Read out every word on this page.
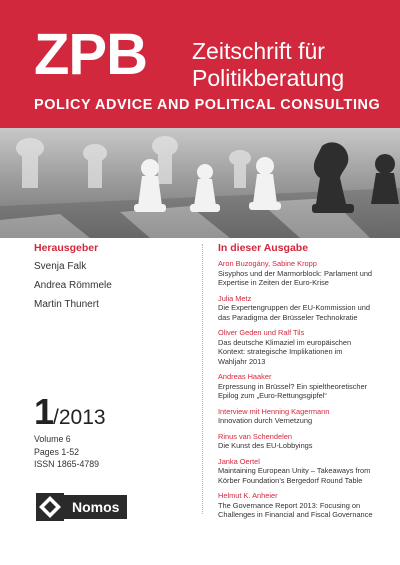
ZPB Zeitschrift für
Politikberatung
POLICY ADVICE AND POLITICAL CONSULTING
Herausgeber
Svenja Falk
Andrea Römmele
Martin Thunert
1/2013
Volume 6
Pages 1-52
ISSN 1865-4789
Nomos
In dieser Ausgabe
Aron Buzogány, Sabine Kropp
Sisyphos und der Marmorblock: Parlament und
Expertise in Zeiten der Euro-Krise
Julia Metz
Die Expertengruppen der EU-Kommission und
das Paradigma der Brüsseler Technokratie
Oliver Geden und Ralf Tils
Das deutsche Klimaziel im europäischen
Kontext: strategische Implikationen im
Wahljahr 2013
Andreas Haaker
Erpressung in Brüssel? Ein spieltheoretischer
Epilog zum „Euro-Rettungsgipfel“
Interview mit Henning Kagermann
Innovation durch Vernetzung
Rinus van Schendelen
Die Kunst des EU-Lobbyings
Janka Oertel
Maintaining European Unity – Takeaways from
Körber Foundation’s Bergedorf Round Table
Helmut K. Anheier
The Governance Report 2013: Focusing on
Challenges in Financial and Fiscal Governance
